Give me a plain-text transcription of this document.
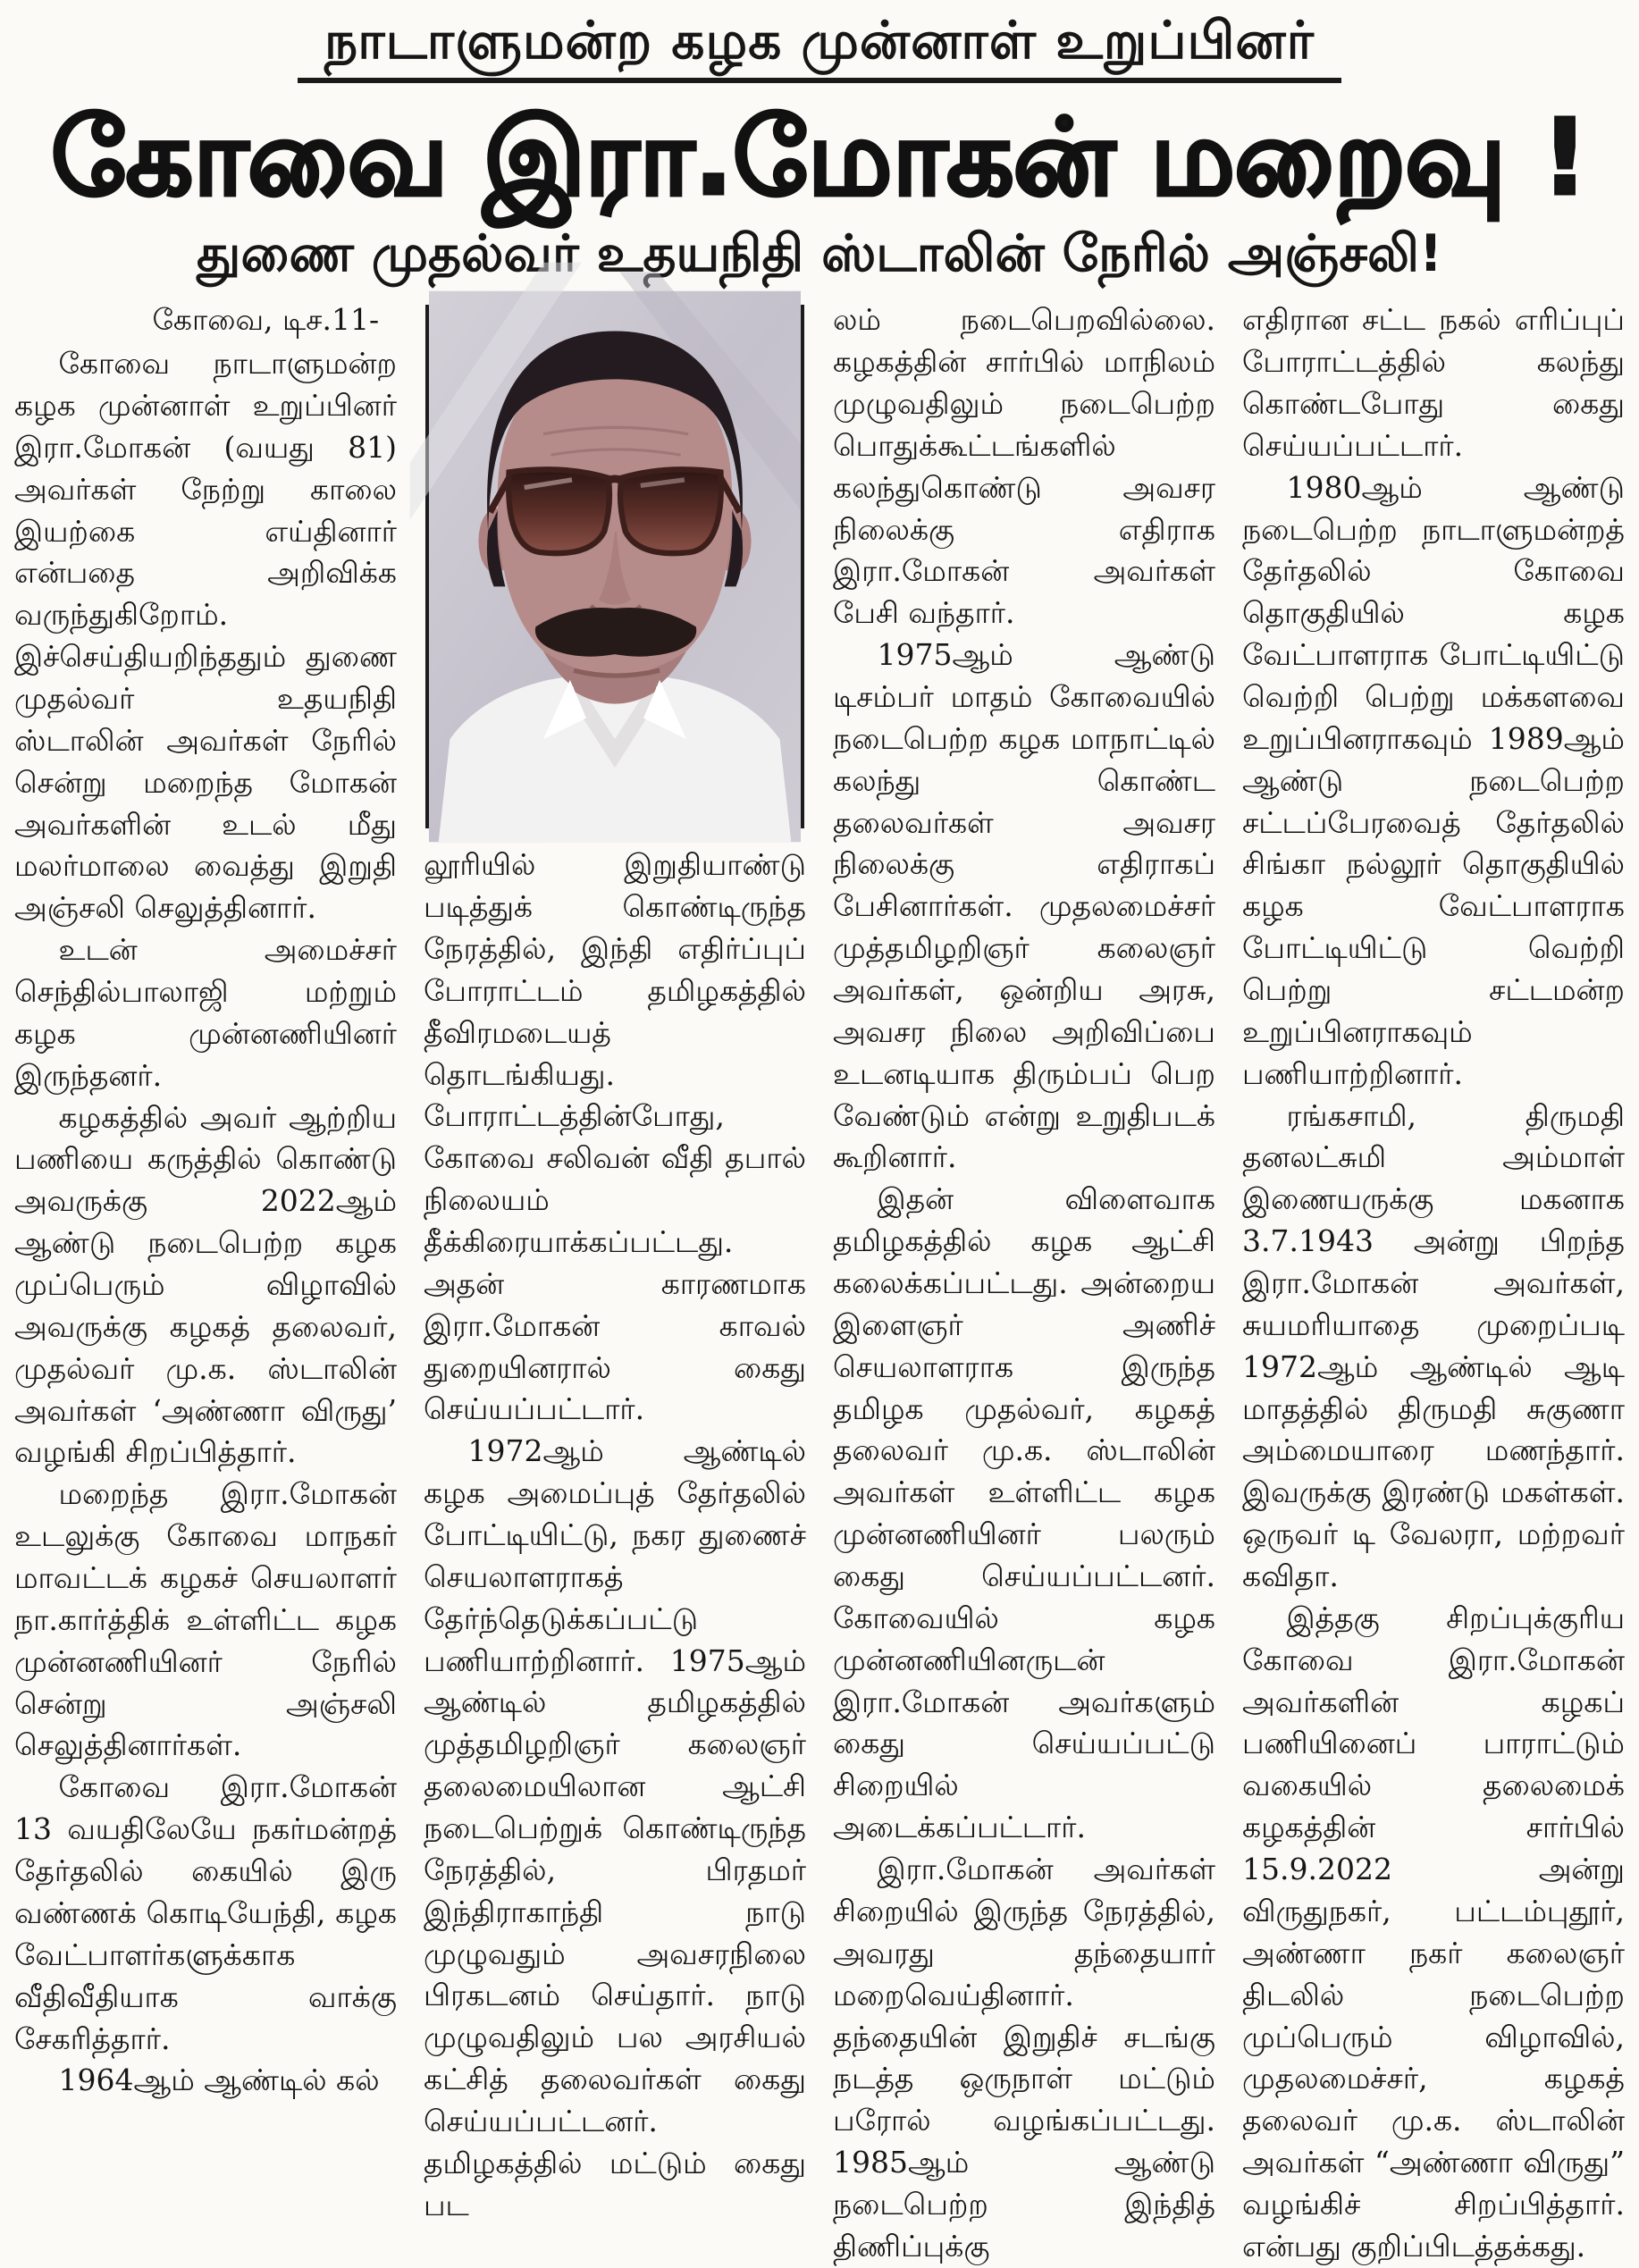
நாடாளுமன்ற கழக முன்னாள் உறுப்பினர்
கோவை இரா.மோகன் மறைவு !
துணை முதல்வர் உதயநிதி ஸ்டாலின் நேரில் அஞ்சலி!

கோவை, டிச.11-

கோவை நாடாளுமன்ற கழக முன்னாள் உறுப்பினர் இரா.மோகன் (வயது 81) அவர்கள் நேற்று காலை இயற்கை எய்தினார் என்பதை அறிவிக்க வருந்துகிறோம். இச்செய்தியறிந்ததும் துணை முதல்வர் உதயநிதி ஸ்டாலின் அவர்கள் நேரில் சென்று மறைந்த மோகன் அவர்களின் உடல் மீது மலர்மாலை வைத்து இறுதி அஞ்சலி செலுத்தினார்.

உடன் அமைச்சர் செந்தில்பாலாஜி மற்றும் கழக முன்னணியினர் இருந்தனர்.

கழகத்தில் அவர் ஆற்றிய பணியை கருத்தில் கொண்டு அவருக்கு 2022ஆம் ஆண்டு நடைபெற்ற கழக முப்பெரும் விழாவில் அவருக்கு கழகத் தலைவர், முதல்வர் மு.க. ஸ்டாலின் அவர்கள் ‘அண்ணா விருது’ வழங்கி சிறப்பித்தார்.

மறைந்த இரா.மோகன் உடலுக்கு கோவை மாநகர் மாவட்டக் கழகச் செயலாளர் நா.கார்த்திக் உள்ளிட்ட கழக முன்னணியினர் நேரில் சென்று அஞ்சலி செலுத்தினார்கள்.

கோவை இரா.மோகன் 13 வயதிலேயே நகர்மன்றத் தேர்தலில் கையில் இரு வண்ணக் கொடியேந்தி, கழக வேட்பாளர்களுக்காக வீதிவீதியாக வாக்கு சேகரித்தார்.

1964ஆம் ஆண்டில் கல்

லூரியில் இறுதியாண்டு படித்துக் கொண்டிருந்த நேரத்தில், இந்தி எதிர்ப்புப் போராட்டம் தமிழகத்தில் தீவிரமடையத் தொடங்கியது. போராட்டத்தின்போது, கோவை சலிவன் வீதி தபால் நிலையம் தீக்கிரையாக்கப்பட்டது. அதன் காரணமாக இரா.மோகன் காவல் துறையினரால் கைது செய்யப்பட்டார்.

1972ஆம் ஆண்டில் கழக அமைப்புத் தேர்தலில் போட்டியிட்டு, நகர துணைச் செயலாளராகத் தேர்ந்தெடுக்கப்பட்டு பணியாற்றினார். 1975ஆம் ஆண்டில் தமிழகத்தில் முத்தமிழறிஞர் கலைஞர் தலைமையிலான ஆட்சி நடைபெற்றுக் கொண்டிருந்த நேரத்தில், பிரதமர் இந்திராகாந்தி நாடு முழுவதும் அவசரநிலை பிரகடனம் செய்தார். நாடு முழுவதிலும் பல அரசியல் கட்சித் தலைவர்கள் கைது செய்யப்பட்டனர். தமிழகத்தில் மட்டும் கைது பட

லம் நடைபெறவில்லை. கழகத்தின் சார்பில் மாநிலம் முழுவதிலும் நடைபெற்ற பொதுக்கூட்டங்களில் கலந்துகொண்டு அவசர நிலைக்கு எதிராக இரா.மோகன் அவர்கள் பேசி வந்தார்.

1975ஆம் ஆண்டு டிசம்பர் மாதம் கோவையில் நடைபெற்ற கழக மாநாட்டில் கலந்து கொண்ட தலைவர்கள் அவசர நிலைக்கு எதிராகப் பேசினார்கள். முதலமைச்சர் முத்தமிழறிஞர் கலைஞர் அவர்கள், ஒன்றிய அரசு, அவசர நிலை அறிவிப்பை உடனடியாக திரும்பப் பெற வேண்டும் என்று உறுதிபடக் கூறினார்.

இதன் விளைவாக தமிழகத்தில் கழக ஆட்சி கலைக்கப்பட்டது. அன்றைய இளைஞர் அணிச் செயலாளராக இருந்த தமிழக முதல்வர், கழகத் தலைவர் மு.க. ஸ்டாலின் அவர்கள் உள்ளிட்ட கழக முன்னணியினர் பலரும் கைது செய்யப்பட்டனர். கோவையில் கழக முன்னணியினருடன் இரா.மோகன் அவர்களும் கைது செய்யப்பட்டு சிறையில் அடைக்கப்பட்டார்.

இரா.மோகன் அவர்கள் சிறையில் இருந்த நேரத்தில், அவரது தந்தையார் மறைவெய்தினார். தந்தையின் இறுதிச் சடங்கு நடத்த ஒருநாள் மட்டும் பரோல் வழங்கப்பட்டது. 1985ஆம் ஆண்டு நடைபெற்ற இந்தித் திணிப்புக்கு

எதிரான சட்ட நகல் எரிப்புப் போராட்டத்தில் கலந்து கொண்டபோது கைது செய்யப்பட்டார்.

1980ஆம் ஆண்டு நடைபெற்ற நாடாளுமன்றத் தேர்தலில் கோவை தொகுதியில் கழக வேட்பாளராக போட்டியிட்டு வெற்றி பெற்று மக்களவை உறுப்பினராகவும் 1989ஆம் ஆண்டு நடைபெற்ற சட்டப்பேரவைத் தேர்தலில் சிங்கா நல்லூர் தொகுதியில் கழக வேட்பாளராக போட்டியிட்டு வெற்றி பெற்று சட்டமன்ற உறுப்பினராகவும் பணியாற்றினார்.

ரங்கசாமி, திருமதி தனலட்சுமி அம்மாள் இணையருக்கு மகனாக 3.7.1943 அன்று பிறந்த இரா.மோகன் அவர்கள், சுயமரியாதை முறைப்படி 1972ஆம் ஆண்டில் ஆடி மாதத்தில் திருமதி சுகுணா அம்மையாரை மணந்தார். இவருக்கு இரண்டு மகள்கள். ஒருவர் டி வேலரா, மற்றவர் கவிதா.

இத்தகு சிறப்புக்குரிய கோவை இரா.மோகன் அவர்களின் கழகப் பணியினைப் பாராட்டும் வகையில் தலைமைக் கழகத்தின் சார்பில் 15.9.2022 அன்று விருதுநகர், பட்டம்புதூர், அண்ணா நகர் கலைஞர் திடலில் நடைபெற்ற முப்பெரும் விழாவில், முதலமைச்சர், கழகத் தலைவர் மு.க. ஸ்டாலின் அவர்கள் “அண்ணா விருது” வழங்கிச் சிறப்பித்தார். என்பது குறிப்பிடத்தக்கது.
